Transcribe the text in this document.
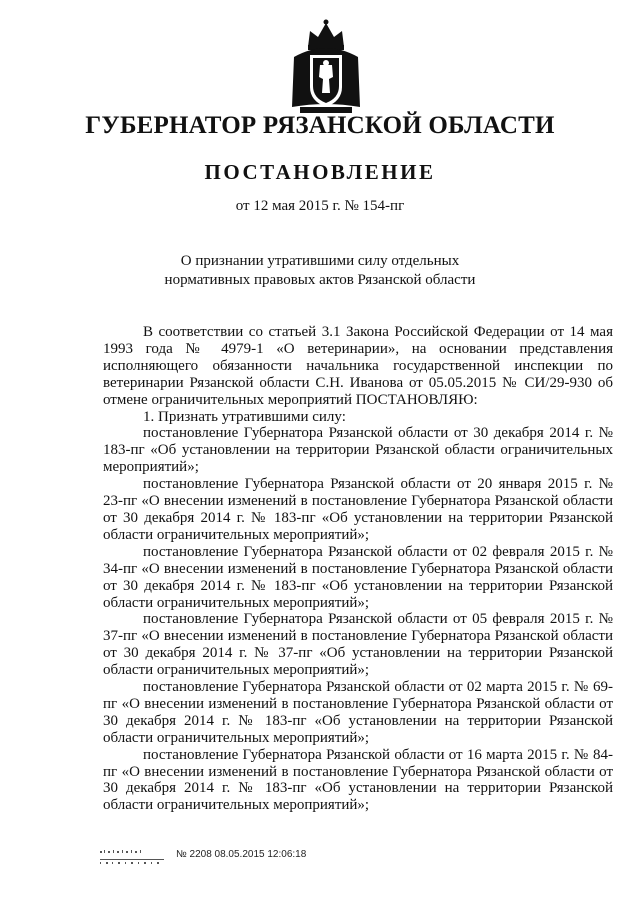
ГУБЕРНАТОР РЯЗАНСКОЙ ОБЛАСТИ
ПОСТАНОВЛЕНИЕ
от 12 мая 2015 г. № 154-пг
О признании утратившими силу отдельных
нормативных правовых актов Рязанской области

В соответствии со статьей 3.1 Закона Российской Федерации от 14 мая 1993 года № 4979-1 «О ветеринарии», на основании представления исполняющего обязанности начальника государственной инспекции по ветеринарии Рязанской области С.Н. Иванова от 05.05.2015 № СИ/29-930 об отмене ограничительных мероприятий ПОСТАНОВЛЯЮ:

1. Признать утратившими силу:

постановление Губернатора Рязанской области от 30 декабря 2014 г. № 183-пг «Об установлении на территории Рязанской области ограничительных мероприятий»;

постановление Губернатора Рязанской области от 20 января 2015 г. № 23-пг «О внесении изменений в постановление Губернатора Рязанской области от 30 декабря 2014 г. № 183-пг «Об установлении на территории Рязанской области ограничительных мероприятий»;

постановление Губернатора Рязанской области от 02 февраля 2015 г. № 34-пг «О внесении изменений в постановление Губернатора Рязанской области от 30 декабря 2014 г. № 183-пг «Об установлении на территории Рязанской области ограничительных мероприятий»;

постановление Губернатора Рязанской области от 05 февраля 2015 г. № 37-пг «О внесении изменений в постановление Губернатора Рязанской области от 30 декабря 2014 г. № 37-пг «Об установлении на территории Рязанской области ограничительных мероприятий»;

постановление Губернатора Рязанской области от 02 марта 2015 г. № 69-пг «О внесении изменений в постановление Губернатора Рязанской области от 30 декабря 2014 г. № 183-пг «Об установлении на территории Рязанской области ограничительных мероприятий»;

постановление Губернатора Рязанской области от 16 марта 2015 г. № 84-пг «О внесении изменений в постановление Губернатора Рязанской области от 30 декабря 2014 г. № 183-пг «Об установлении на территории Рязанской области ограничительных мероприятий»;

№ 2208 08.05.2015 12:06:18
